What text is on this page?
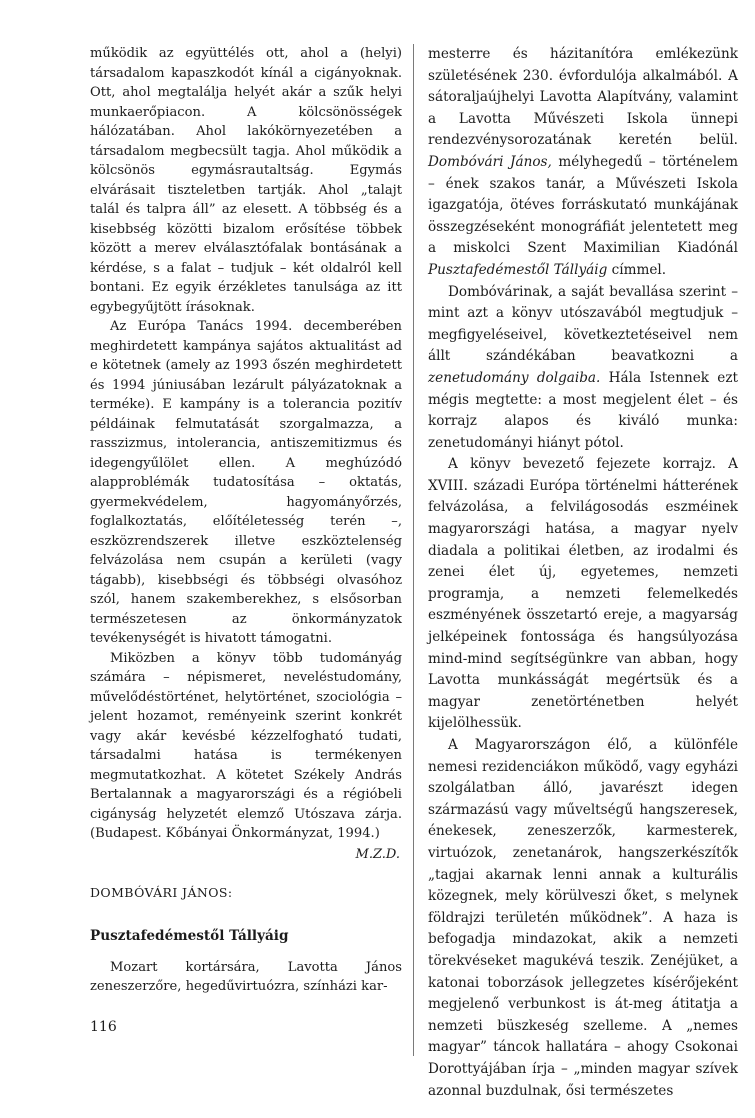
működik az együttélés ott, ahol a (helyi) társadalom kapaszkodót kínál a cigányoknak. Ott, ahol megtalálja helyét akár a szűk helyi munkaerőpiacon. A kölcsönösségek hálózatában. Ahol lakókörnyezetében a társadalom megbecsült tagja. Ahol működik a kölcsönös egymásrautaltság. Egymás elvárásait tiszteletben tartják. Ahol „talajt talál és talpra áll” az elesett. A többség és a kisebbség közötti bizalom erősítése többek között a merev elválasztófalak bontásának a kérdése, s a falat – tudjuk – két oldalról kell bontani. Ez egyik érzékletes tanulsága az itt egybegyűjtött írásoknak.

Az Európa Tanács 1994. decemberében meghirdetett kampánya sajátos aktualitást ad e kötetnek (amely az 1993 őszén meghirdetett és 1994 júniusában lezárult pályázatoknak a terméke). E kampány is a tolerancia pozitív példáinak felmutatását szorgalmazza, a rasszizmus, intolerancia, antiszemitizmus és idegengyűlölet ellen. A meghúzódó alapproblémák tudatosítása – oktatás, gyermekvédelem, hagyományőrzés, foglalkoztatás, előítéletesség terén –, eszközrendszerek illetve eszköztelenség felvázolása nem csupán a kerületi (vagy tágabb), kisebbségi és többségi olvasóhoz szól, hanem szakemberekhez, s elsősorban természetesen az önkormányzatok tevékenységét is hivatott támogatni.

Miközben a könyv több tudományág számára – népismeret, neveléstudomány, művelődéstörténet, helytörténet, szociológia – jelent hozamot, reményeink szerint konkrét vagy akár kevésbé kézzelfogható tudati, társadalmi hatása is termékenyen megmutatkozhat. A kötetet Székely András Bertalannak a magyarországi és a régióbeli cigányság helyzetét elemző Utószava zárja. (Budapest. Kőbányai Önkormányzat, 1994.)

M.Z.D.

DOMBÓVÁRI JÁNOS:

Pusztafedémestől Tállyáig

Mozart kortársára, Lavotta János zeneszerzőre, hegedűvirtuózra, színházi kar-

mesterre és házitanítóra emlékezünk születésének 230. évfordulója alkalmából. A sátoraljaújhelyi Lavotta Alapítvány, valamint a Lavotta Művészeti Iskola ünnepi rendezvénysorozatának keretén belül. Dombóvári János, mélyhegedű – történelem – ének szakos tanár, a Művészeti Iskola igazgatója, ötéves forráskutató munkájának összegzéseként monográfiát jelentetett meg a miskolci Szent Maximilian Kiadónál Pusztafedémestől Tállyáig címmel.

Dombóvárinak, a saját bevallása szerint – mint azt a könyv utószavából megtudjuk – megfigyeléseivel, következtetéseivel nem állt szándékában beavatkozni a zenetudomány dolgaiba. Hála Istennek ezt mégis megtette: a most megjelent élet – és korrajz alapos és kiváló munka: zenetudományi hiányt pótol.

A könyv bevezető fejezete korrajz. A XVIII. századi Európa történelmi hátterének felvázolása, a felvilágosodás eszméinek magyarországi hatása, a magyar nyelv diadala a politikai életben, az irodalmi és zenei élet új, egyetemes, nemzeti programja, a nemzeti felemelkedés eszményének összetartó ereje, a magyarság jelképeinek fontossága és hangsúlyozása mind-mind segítségünkre van abban, hogy Lavotta munkásságát megértsük és a magyar zenetörténetben helyét kijelölhessük.

A Magyarországon élő, a különféle nemesi rezidenciákon működő, vagy egyházi szolgálatban álló, javarészt idegen származású vagy műveltségű hangszeresek, énekesek, zeneszerzők, karmesterek, virtuózok, zenetanárok, hangszerkészítők „tagjai akarnak lenni annak a kulturális közegnek, mely körülveszi őket, s melynek földrajzi területén működnek”. A haza is befogadja mindazokat, akik a nemzeti törekvéseket magukévá teszik. Zenéjüket, a katonai toborzások jellegzetes kísérőjeként megjelenő verbunkost is át-meg átitatja a nemzeti büszkeség szelleme. A „nemes magyar” táncok hallatára – ahogy Csokonai Dorottyájában írja – „minden magyar szívek azonnal buzdulnak, ősi természetes

116
